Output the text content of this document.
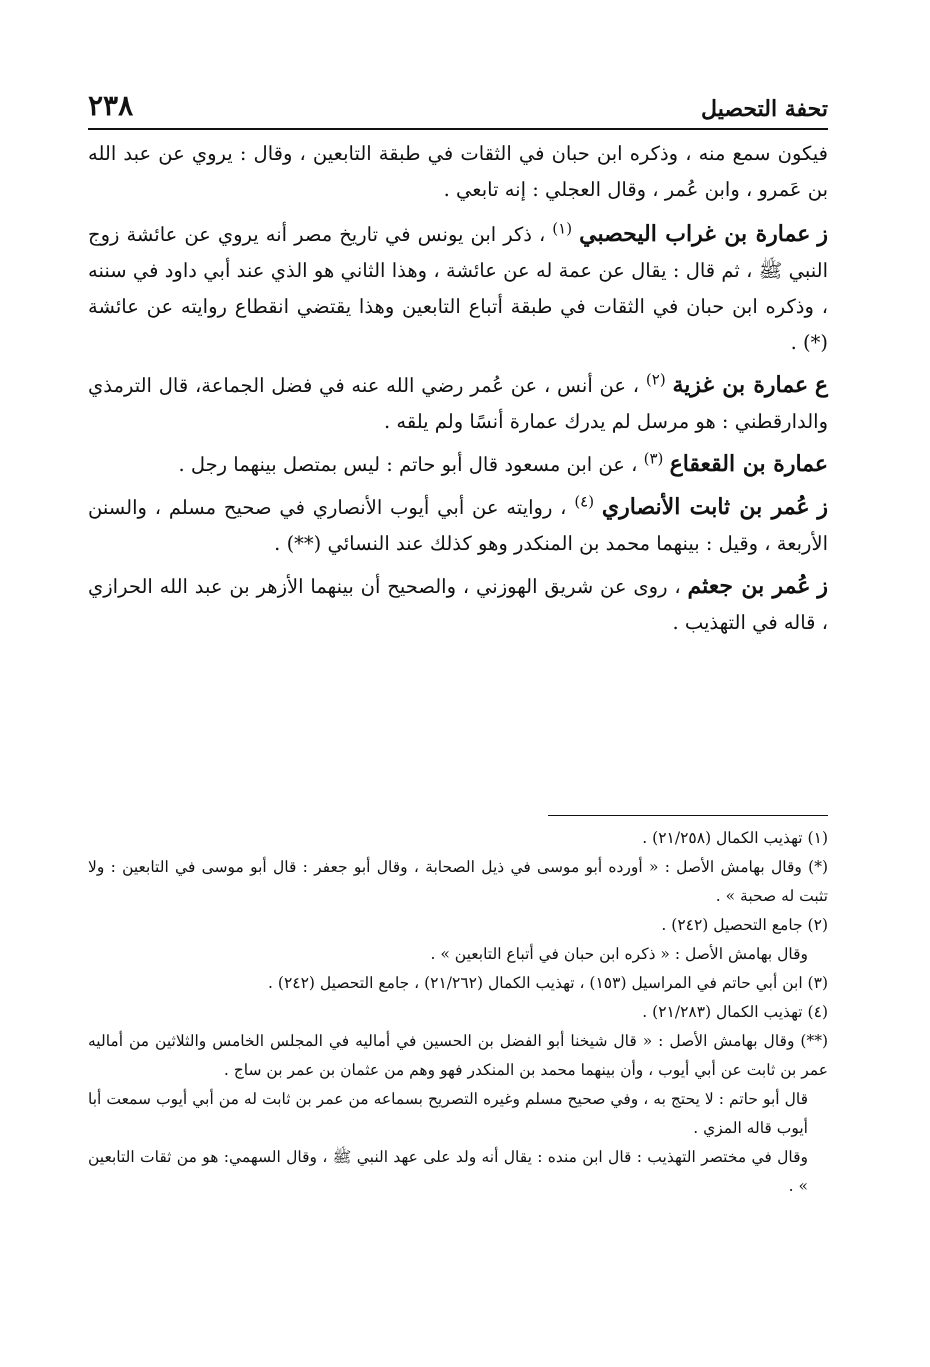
٢٣٨	تحفة التحصيل

فيكون سمع منه ، وذكره ابن حبان في الثقات في طبقة التابعين ، وقال : يروي عن عبد الله بن عَمرو ، وابن عُمر ، وقال العجلي : إنه تابعي .

ز عمارة بن غراب اليحصبي $^{(١)}$ ، ذكر ابن يونس في تاريخ مصر أنه يروي عن عائشة زوج النبي ﷺ ، ثم قال : يقال عن عمة له عن عائشة ، وهذا الثاني هو الذي عند أبي داود في سننه ، وذكره ابن حبان في الثقات في طبقة أتباع التابعين وهذا يقتضي انقطاع روايته عن عائشة (*) .

ع عمارة بن غزية $^{(٢)}$ ، عن أنس ، عن عُمر رضي الله عنه في فضل الجماعة، قال الترمذي والدارقطني : هو مرسل لم يدرك عمارة أنسًا ولم يلقه .

عمارة بن القعقاع $^{(٣)}$ ، عن ابن مسعود قال أبو حاتم : ليس بمتصل بينهما رجل .

ز عُمر بن ثابت الأنصاري $^{(٤)}$ ، روايته عن أبي أيوب الأنصاري في صحيح مسلم ، والسنن الأربعة ، وقيل : بينهما محمد بن المنكدر وهو كذلك عند النسائي (**) .

ز عُمر بن جعثم ، روى عن شريق الهوزني ، والصحيح أن بينهما الأزهر بن عبد الله الحرازي ، قاله في التهذيب .

(١) تهذيب الكمال (٢١/٢٥٨) .

(*) وقال بهامش الأصل : « أورده أبو موسى في ذيل الصحابة ، وقال أبو جعفر : قال أبو موسى في التابعين : ولا تثبت له صحبة » .

(٢) جامع التحصيل (٢٤٢) .

وقال بهامش الأصل : « ذكره ابن حبان في أتباع التابعين » .

(٣) ابن أبي حاتم في المراسيل (١٥٣) ، تهذيب الكمال (٢١/٢٦٢) ، جامع التحصيل (٢٤٢) .

(٤) تهذيب الكمال (٢١/٢٨٣) .

(**) وقال بهامش الأصل : « قال شيخنا أبو الفضل بن الحسين في أماليه في المجلس الخامس والثلاثين من أماليه عمر بن ثابت عن أبي أيوب ، وأن بينهما محمد بن المنكدر فهو وهم من عثمان بن عمر بن ساج .

قال أبو حاتم : لا يحتج به ، وفي صحيح مسلم وغيره التصريح بسماعه من عمر بن ثابت له من أبي أيوب سمعت أبا أيوب قاله المزي .

وقال في مختصر التهذيب : قال ابن منده : يقال أنه ولد على عهد النبي ﷺ ، وقال السهمي: هو من ثقات التابعين » .
